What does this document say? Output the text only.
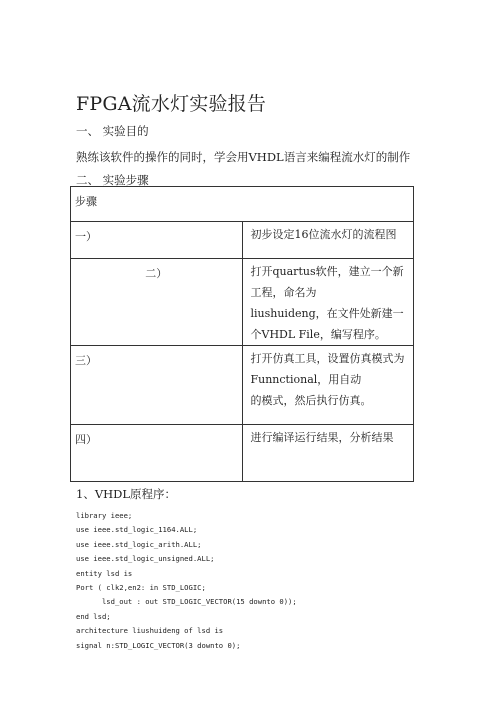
FPGA流水灯实验报告
一、 实验目的
熟练该软件的操作的同时，学会用VHDL语言来编程流水灯的制作
二、 实验步骤
步骤	
一）	初步设定16位流水灯的流程图

二）	打开quartus软件，建立一个新工程，命名为
liushuideng，在文件处新建一个VHDL File，编写程序。
三）	打开仿真工具，设置仿真模式为Funnctional，用自动
的模式，然后执行仿真。
四）	进行编译运行结果，分析结果
1、VHDL原程序：
library ieee;
use ieee.std_logic_1164.ALL;
use ieee.std_logic_arith.ALL;
use ieee.std_logic_unsigned.ALL;
entity lsd is
Port ( clk2,en2: in STD_LOGIC;
lsd_out : out STD_LOGIC_VECTOR(15 downto 0));
end lsd;
architecture liushuideng of lsd is
signal n:STD_LOGIC_VECTOR(3 downto 0);
